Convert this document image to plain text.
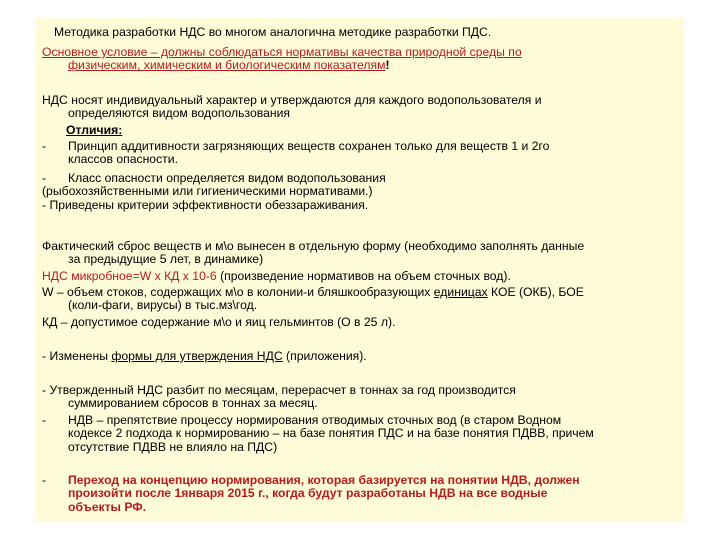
Методика разработки НДС во многом аналогична методике разработки ПДС.
Основное условие – должны соблюдаться нормативы качества природной среды по
физическим, химическим и биологическим показателям!
НДС носят индивидуальный характер и утверждаются для каждого водопользователя и
определяются видом водопользования
Отличия:
-	Принцип аддитивности загрязняющих веществ сохранен только для веществ 1 и 2го
классов опасности.
-	Класс опасности определяется видом водопользования
(рыбохозяйственными или гигиеническими нормативами.)
- Приведены критерии эффективности обеззараживания.
Фактический сброс веществ и м\о вынесен в отдельную форму (необходимо заполнять данные
за предыдущие 5 лет, в динамике)
НДС микробное=W x КД x 10-6 (произведение нормативов на объем сточных вод).
W – объем стоков, содержащих м\о в колонии-и бляшкообразующих единицах КОЕ (ОКБ), БОЕ
(коли-фаги, вирусы) в тыс.мз\год.
КД – допустимое содержание м\о и яиц гельминтов (О в 25 л).
- Изменены формы для утверждения НДС (приложения).
- Утвержденный НДС разбит по месяцам, перерасчет в тоннах за год производится
суммированием сбросов в тоннах за месяц.
-	НДВ – препятствие процессу нормирования отводимых сточных вод (в старом Водном
кодексе 2 подхода к нормированию – на базе понятия ПДС и на базе понятия ПДВВ, причем
отсутствие ПДВВ не влияло на ПДС)
-	Переход на концепцию нормирования, которая базируется на понятии НДВ, должен
произойти после 1января 2015 г., когда будут разработаны НДВ на все водные
объекты РФ.
